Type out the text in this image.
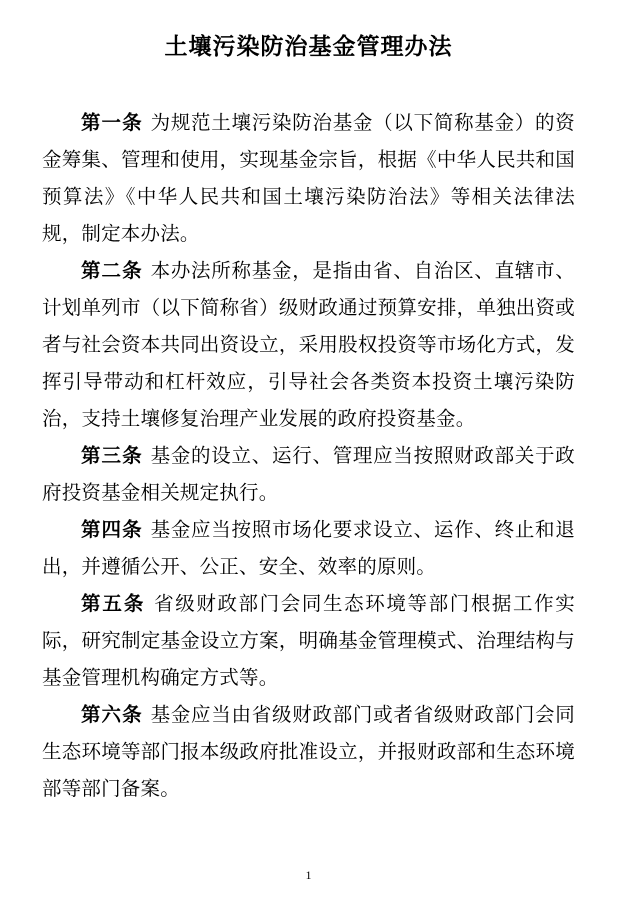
土壤污染防治基金管理办法

第一条 为规范土壤污染防治基金（以下简称基金）的资金筹集、管理和使用，实现基金宗旨，根据《中华人民共和国预算法》《中华人民共和国土壤污染防治法》等相关法律法规，制定本办法。

第二条 本办法所称基金，是指由省、自治区、直辖市、计划单列市（以下简称省）级财政通过预算安排，单独出资或者与社会资本共同出资设立，采用股权投资等市场化方式，发挥引导带动和杠杆效应，引导社会各类资本投资土壤污染防治，支持土壤修复治理产业发展的政府投资基金。

第三条 基金的设立、运行、管理应当按照财政部关于政府投资基金相关规定执行。

第四条 基金应当按照市场化要求设立、运作、终止和退出，并遵循公开、公正、安全、效率的原则。

第五条 省级财政部门会同生态环境等部门根据工作实际，研究制定基金设立方案，明确基金管理模式、治理结构与基金管理机构确定方式等。

第六条 基金应当由省级财政部门或者省级财政部门会同生态环境等部门报本级政府批准设立，并报财政部和生态环境部等部门备案。

1
